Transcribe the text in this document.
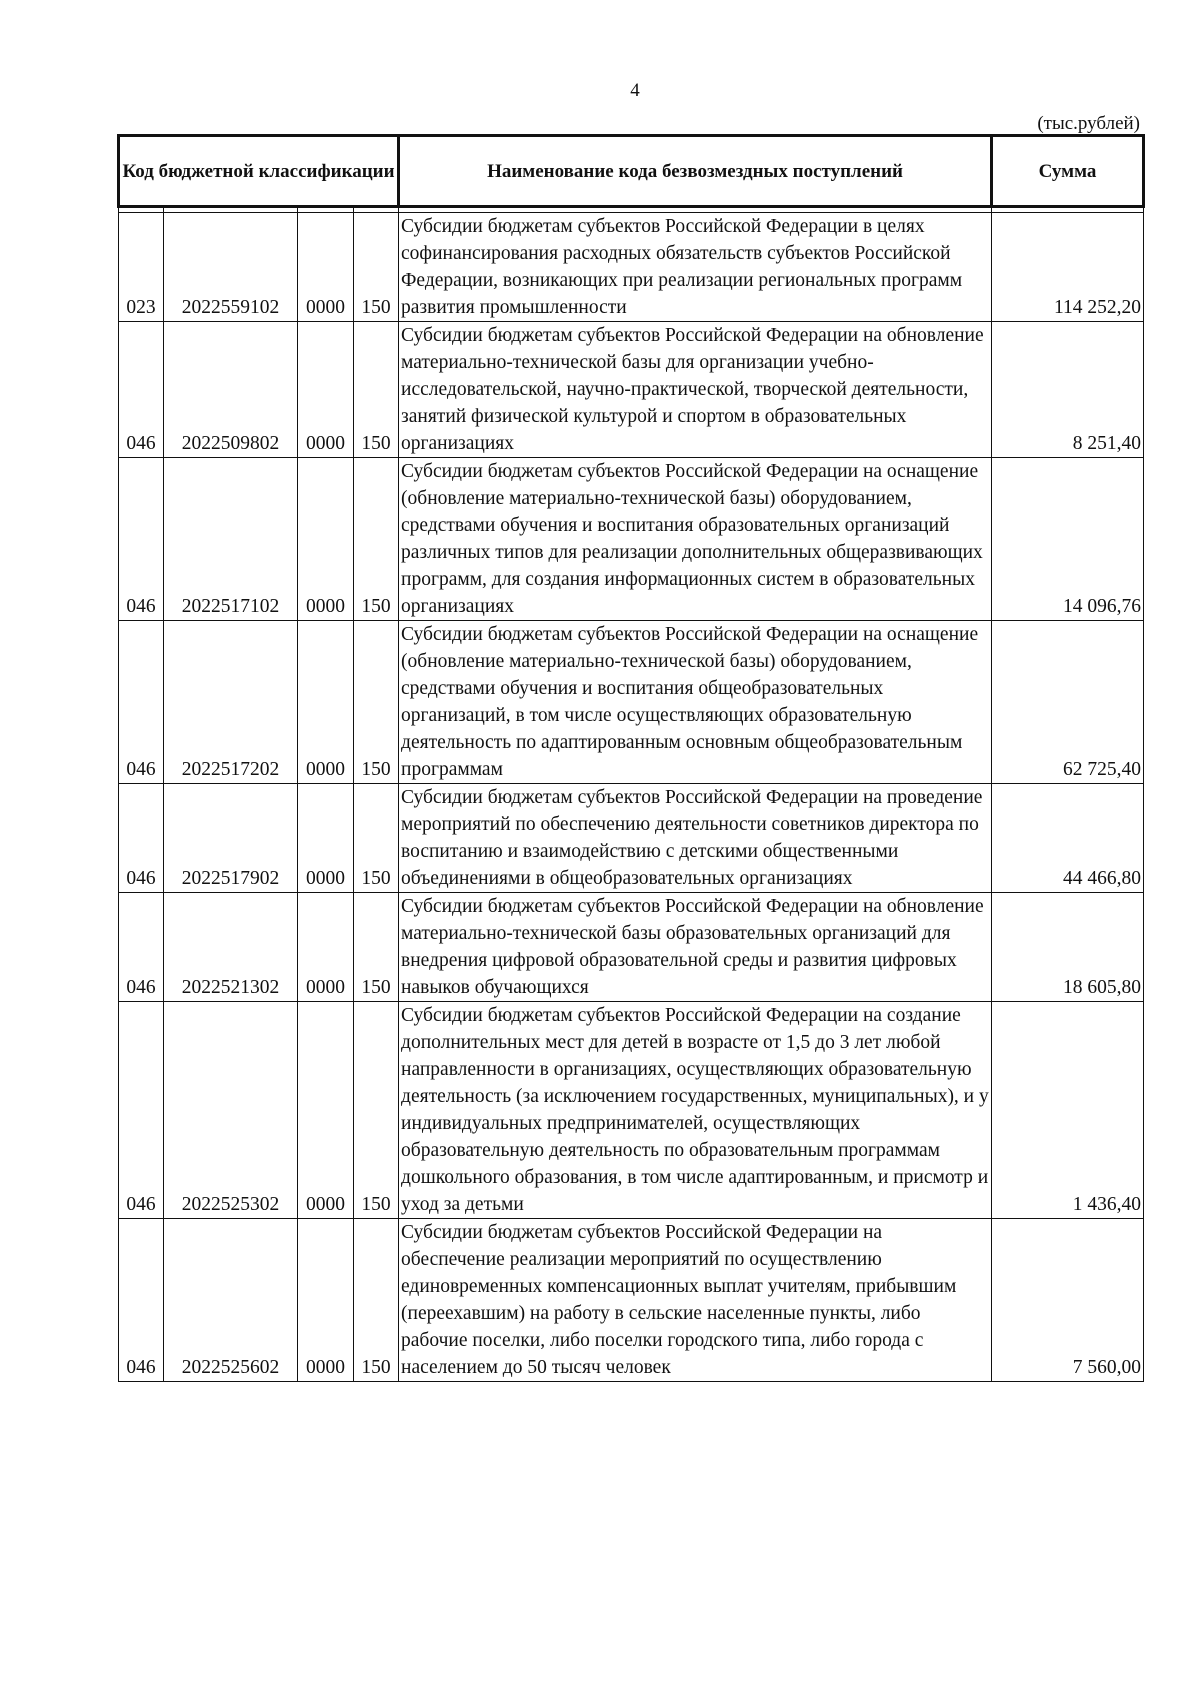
4
(тыс.рублей)
Код бюджетной классификации				Наименование кода безвозмездных поступлений	Сумма

023	2022559102	0000	150	Субсидии бюджетам субъектов Российской Федерации в целях софинансирования расходных обязательств субъектов Российской Федерации, возникающих при реализации региональных программ развития промышленности	114 252,20
046	2022509802	0000	150	Субсидии бюджетам субъектов Российской Федерации на обновление материально-технической базы для организации учебно-исследовательской, научно-практической, творческой деятельности, занятий физической культурой и спортом в образовательных организациях	8 251,40
046	2022517102	0000	150	Субсидии бюджетам субъектов Российской Федерации на оснащение (обновление материально-технической базы) оборудованием, средствами обучения и воспитания образовательных организаций различных типов для реализации дополнительных общеразвивающих программ, для создания информационных систем в образовательных организациях	14 096,76
046	2022517202	0000	150	Субсидии бюджетам субъектов Российской Федерации на оснащение (обновление материально-технической базы) оборудованием, средствами обучения и воспитания общеобразовательных организаций, в том числе осуществляющих образовательную деятельность по адаптированным основным общеобразовательным программам	62 725,40
046	2022517902	0000	150	Субсидии бюджетам субъектов Российской Федерации на проведение мероприятий по обеспечению деятельности советников директора по воспитанию и взаимодействию с детскими общественными объединениями в общеобразовательных организациях	44 466,80
046	2022521302	0000	150	Субсидии бюджетам субъектов Российской Федерации на обновление материально-технической базы образовательных организаций для внедрения цифровой образовательной среды и развития цифровых навыков обучающихся	18 605,80
046	2022525302	0000	150	Субсидии бюджетам субъектов Российской Федерации на создание дополнительных мест для детей в возрасте от 1,5 до 3 лет любой направленности в организациях, осуществляющих образовательную деятельность (за исключением государственных, муниципальных), и у индивидуальных предпринимателей, осуществляющих образовательную деятельность по образовательным программам дошкольного образования, в том числе адаптированным, и присмотр и уход за детьми	1 436,40
046	2022525602	0000	150	Субсидии бюджетам субъектов Российской Федерации на обеспечение реализации мероприятий по осуществлению единовременных компенсационных выплат учителям, прибывшим (переехавшим) на работу в сельские населенные пункты, либо рабочие поселки, либо поселки городского типа, либо города с населением до 50 тысяч человек	7 560,00
